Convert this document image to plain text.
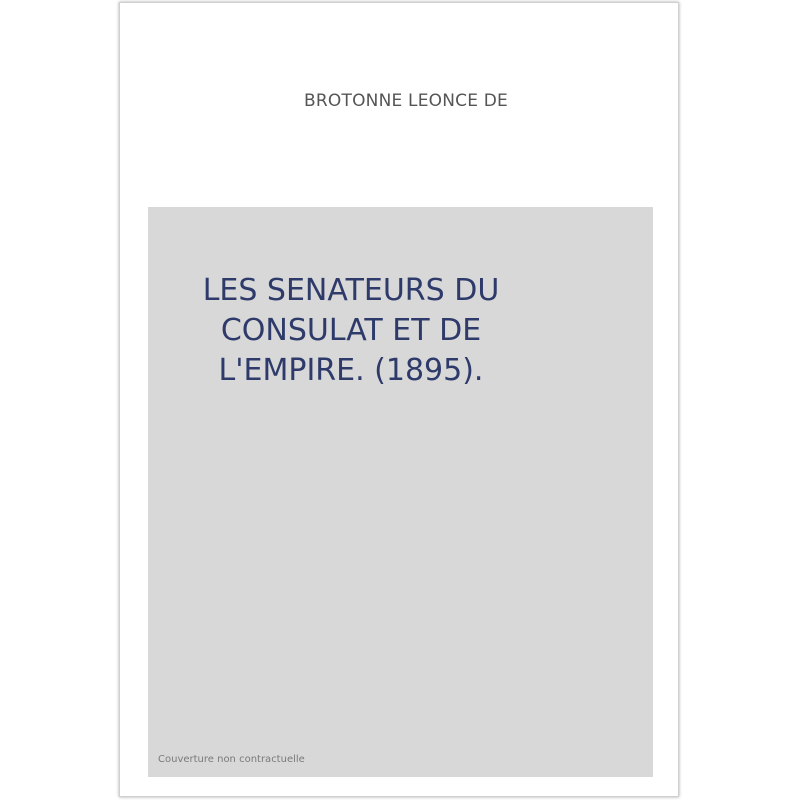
BROTONNE LEONCE DE
LES SENATEURS DU
CONSULAT ET DE
L'EMPIRE. (1895).
Couverture non contractuelle
